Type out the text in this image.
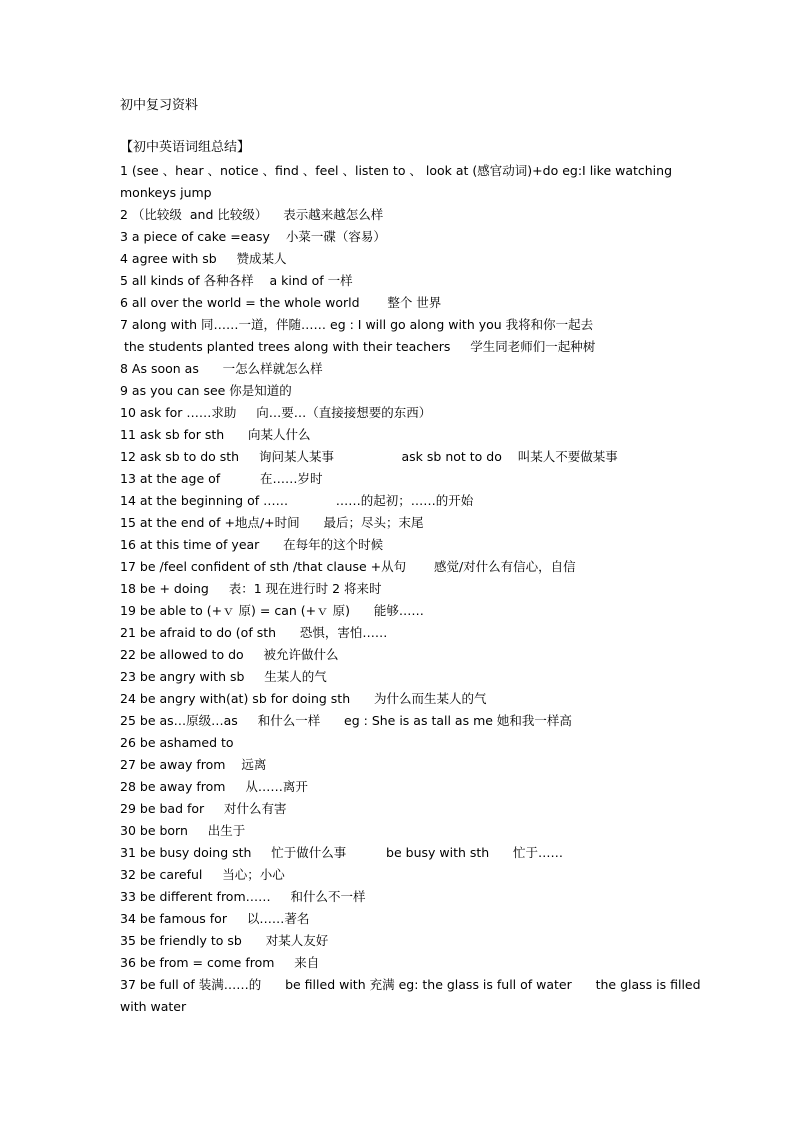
初中复习资料
【初中英语词组总结】
1 (see 、hear 、notice 、find 、feel 、listen to 、 look at (感官动词)+do eg:I like watching monkeys jump
2 （比较级  and 比较级）    表示越来越怎么样
3 a piece of cake =easy    小菜一碟（容易）
4 agree with sb     赞成某人
5 all kinds of 各种各样    a kind of 一样
6 all over the world = the whole world       整个 世界
7 along with 同……一道，伴随…… eg : I will go along with you 我将和你一起去
the students planted trees along with their teachers     学生同老师们一起种树
8 As soon as      一怎么样就怎么样
9 as you can see 你是知道的
10 ask for ……求助     向…要…（直接接想要的东西）
11 ask sb for sth      向某人什么
12 ask sb to do sth     询问某人某事                 ask sb not to do    叫某人不要做某事
13 at the age of          在……岁时
14 at the beginning of ……            ……的起初；……的开始
15 at the end of +地点/+时间      最后；尽头；末尾
16 at this time of year      在每年的这个时候
17 be /feel confident of sth /that clause +从句       感觉/对什么有信心，自信
18 be + doing     表：1 现在进行时 2 将来时
19 be able to (+ｖ 原) = can (+ｖ 原)      能够……
21 be afraid to do (of sth      恐惧，害怕……
22 be allowed to do     被允许做什么
23 be angry with sb     生某人的气
24 be angry with(at) sb for doing sth      为什么而生某人的气
25 be as…原级…as     和什么一样      eg : She is as tall as me 她和我一样高
26 be ashamed to
27 be away from    远离
28 be away from     从……离开
29 be bad for     对什么有害
30 be born     出生于
31 be busy doing sth     忙于做什么事          be busy with sth      忙于……
32 be careful     当心；小心
33 be different from……     和什么不一样
34 be famous for     以……著名
35 be friendly to sb      对某人友好
36 be from = come from     来自
37 be full of 装满……的      be filled with 充满 eg: the glass is full of water      the glass is filled with water
